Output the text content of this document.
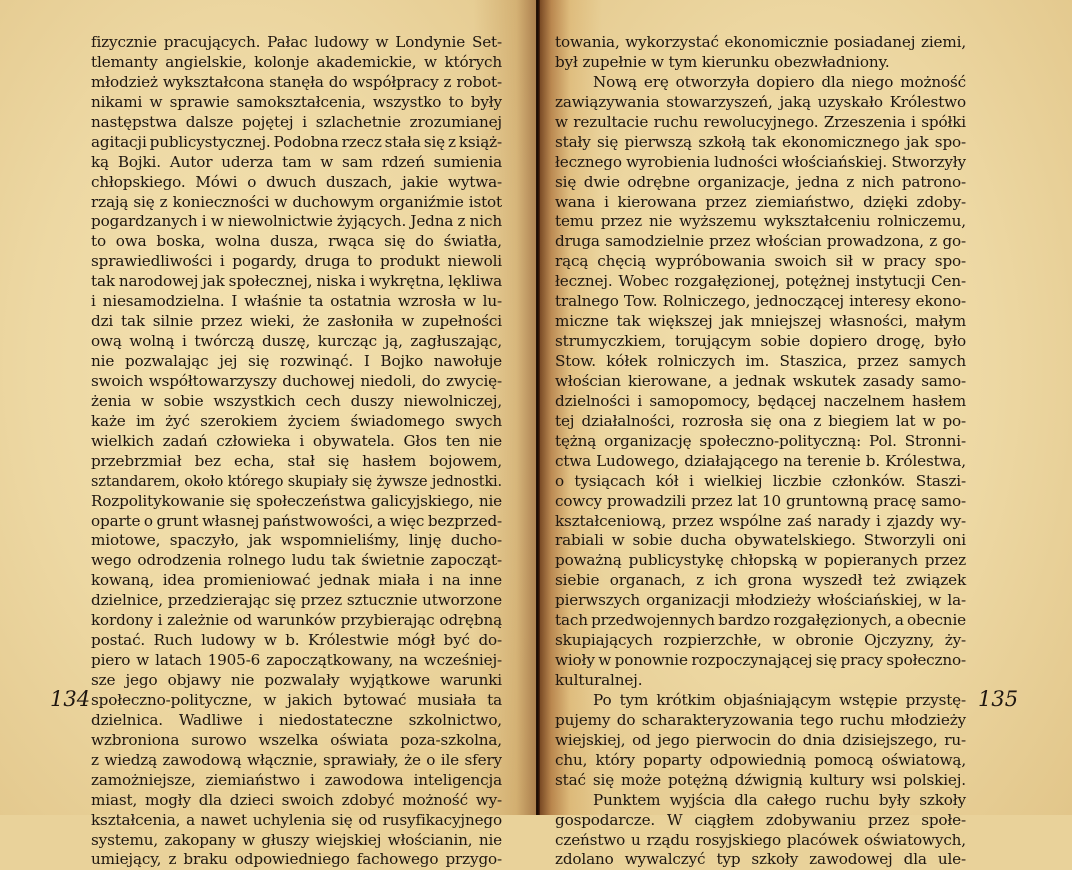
fizycznie pracujących. Pałac ludowy w Londynie Set-
tlemanty angielskie, kolonje akademickie, w których
młodzież wykształcona stanęła do współpracy z robot-
nikami w sprawie samokształcenia, wszystko to były
następstwa dalsze pojętej i szlachetnie zrozumianej
agitacji publicystycznej. Podobna rzecz stała się z książ-
ką Bojki. Autor uderza tam w sam rdzeń sumienia
chłopskiego. Mówi o dwuch duszach, jakie wytwa-
rzają się z konieczności w duchowym organiźmie istot
pogardzanych i w niewolnictwie żyjących. Jedna z nich
to owa boska, wolna dusza, rwąca się do światła,
sprawiedliwości i pogardy, druga to produkt niewoli
tak narodowej jak społecznej, niska i wykrętna, lękliwa
i niesamodzielna. I właśnie ta ostatnia wzrosła w lu-
dzi tak silnie przez wieki, że zasłoniła w zupełności
ową wolną i twórczą duszę, kurcząc ją, zagłuszając,
nie pozwalając jej się rozwinąć. I Bojko nawołuje
swoich współtowarzyszy duchowej niedoli, do zwycię-
żenia w sobie wszystkich cech duszy niewolniczej,
każe im żyć szerokiem życiem świadomego swych
wielkich zadań człowieka i obywatela. Głos ten nie
przebrzmiał bez echa, stał się hasłem bojowem,
sztandarem, około którego skupiały się żywsze jednostki.
Rozpolitykowanie się społeczeństwa galicyjskiego, nie
oparte o grunt własnej państwowości, a więc bezprzed-
miotowe, spaczyło, jak wspomnieliśmy, linję ducho-
wego odrodzenia rolnego ludu tak świetnie zapocząt-
kowaną, idea promieniować jednak miała i na inne
dzielnice, przedzierając się przez sztucznie utworzone
kordony i zależnie od warunków przybierając odrębną
postać. Ruch ludowy w b. Królestwie mógł być do-
piero w latach 1905-6 zapoczątkowany, na wcześniej-
sze jego objawy nie pozwalały wyjątkowe warunki
społeczno-polityczne, w jakich bytować musiała ta
dzielnica. Wadliwe i niedostateczne szkolnictwo,
wzbroniona surowo wszelka oświata poza-szkolna,
z wiedzą zawodową włącznie, sprawiały, że o ile sfery
zamożniejsze, ziemiaństwo i zawodowa inteligencja
miast, mogły dla dzieci swoich zdobyć możność wy-
kształcenia, a nawet uchylenia się od rusyfikacyjnego
systemu, zakopany w głuszy wiejskiej włościanin, nie
umiejący, z braku odpowiedniego fachowego przygo-
134
towania, wykorzystać ekonomicznie posiadanej ziemi,
był zupełnie w tym kierunku obezwładniony.
Nową erę otworzyła dopiero dla niego możność
zawiązywania stowarzyszeń, jaką uzyskało Królestwo
w rezultacie ruchu rewolucyjnego. Zrzeszenia i spółki
stały się pierwszą szkołą tak ekonomicznego jak spo-
łecznego wyrobienia ludności włościańskiej. Stworzyły
się dwie odrębne organizacje, jedna z nich patrono-
wana i kierowana przez ziemiaństwo, dzięki zdoby-
temu przez nie wyższemu wykształceniu rolniczemu,
druga samodzielnie przez włościan prowadzona, z go-
rącą chęcią wypróbowania swoich sił w pracy spo-
łecznej. Wobec rozgałęzionej, potężnej instytucji Cen-
tralnego Tow. Rolniczego, jednoczącej interesy ekono-
miczne tak większej jak mniejszej własności, małym
strumyczkiem, torującym sobie dopiero drogę, było
Stow. kółek rolniczych im. Staszica, przez samych
włościan kierowane, a jednak wskutek zasady samo-
dzielności i samopomocy, będącej naczelnem hasłem
tej działalności, rozrosła się ona z biegiem lat w po-
tężną organizację społeczno-polityczną: Pol. Stronni-
ctwa Ludowego, działającego na terenie b. Królestwa,
o tysiącach kół i wielkiej liczbie członków. Staszi-
cowcy prowadzili przez lat 10 gruntowną pracę samo-
kształceniową, przez wspólne zaś narady i zjazdy wy-
rabiali w sobie ducha obywatelskiego. Stworzyli oni
poważną publicystykę chłopską w popieranych przez
siebie organach, z ich grona wyszedł też związek
pierwszych organizacji młodzieży włościańskiej, w la-
tach przedwojennych bardzo rozgałęzionych, a obecnie
skupiających rozpierzchłe, w obronie Ojczyzny, ży-
wioły w ponownie rozpoczynającej się pracy społeczno-
kulturalnej.
Po tym krótkim objaśniającym wstępie przystę-
pujemy do scharakteryzowania tego ruchu młodzieży
wiejskiej, od jego pierwocin do dnia dzisiejszego, ru-
chu, który poparty odpowiednią pomocą oświatową,
stać się może potężną dźwignią kultury wsi polskiej.
Punktem wyjścia dla całego ruchu były szkoły
gospodarcze. W ciągłem zdobywaniu przez społe-
czeństwo u rządu rosyjskiego placówek oświatowych,
zdolano wywalczyć typ szkoły zawodowej dla ule-
135
